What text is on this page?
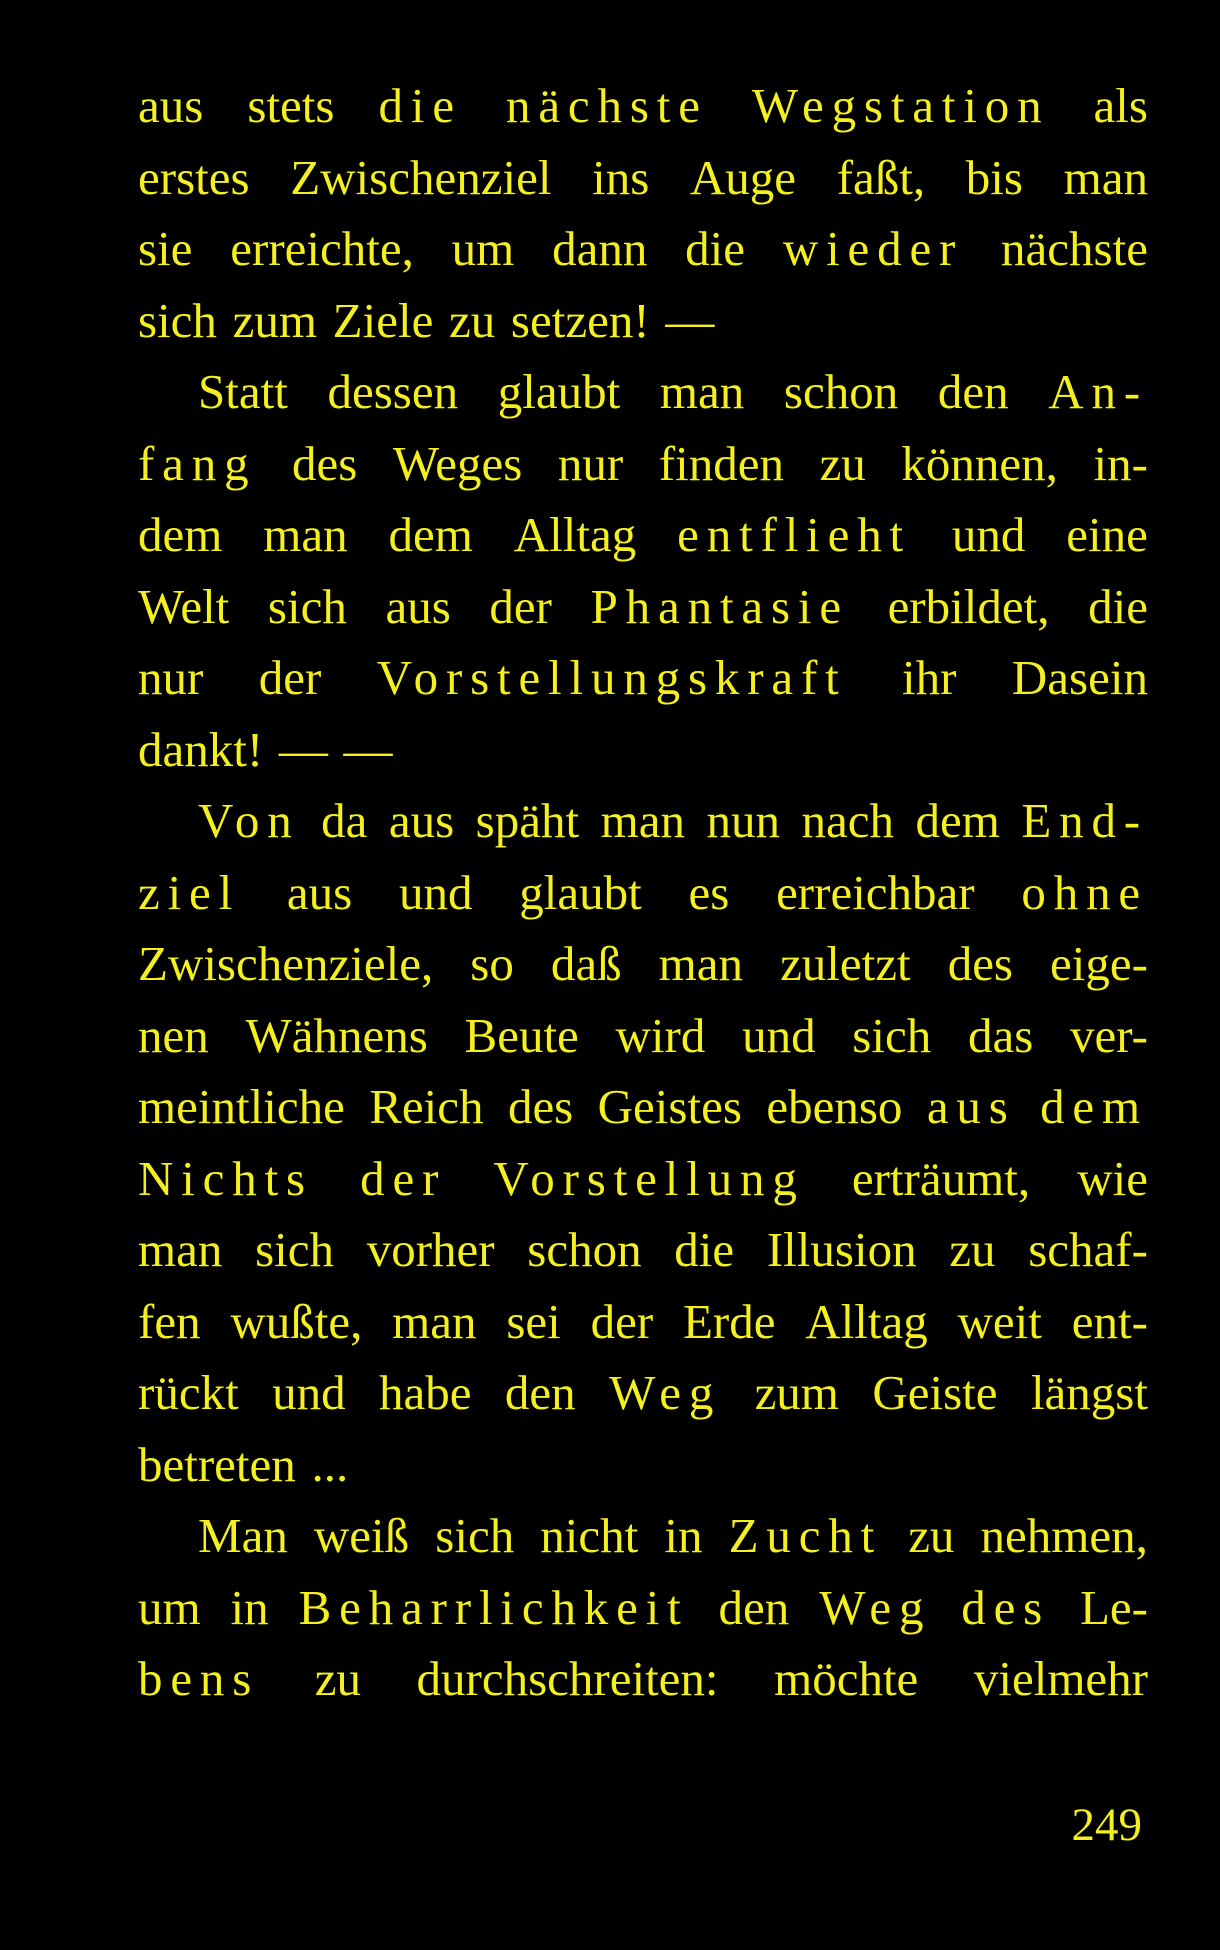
aus stets die nächste Wegstation als
erstes Zwischenziel ins Auge faßt, bis man
sie erreichte, um dann die wieder nächste
sich zum Ziele zu setzen! —
Statt dessen glaubt man schon den An-
fang des Weges nur finden zu können, in-
dem man dem Alltag entflieht und eine
Welt sich aus der Phantasie erbildet, die
nur der Vorstellungskraft ihr Dasein
dankt! — —
Von da aus späht man nun nach dem End-
ziel aus und glaubt es erreichbar ohne
Zwischenziele, so daß man zuletzt des eige-
nen Wähnens Beute wird und sich das ver-
meintliche Reich des Geistes ebenso aus dem
Nichts der Vorstellung erträumt, wie
man sich vorher schon die Illusion zu schaf-
fen wußte, man sei der Erde Alltag weit ent-
rückt und habe den Weg zum Geiste längst
betreten ...
Man weiß sich nicht in Zucht zu nehmen,
um in Beharrlichkeit den Weg des Le-
bens zu durchschreiten: möchte vielmehr
249
